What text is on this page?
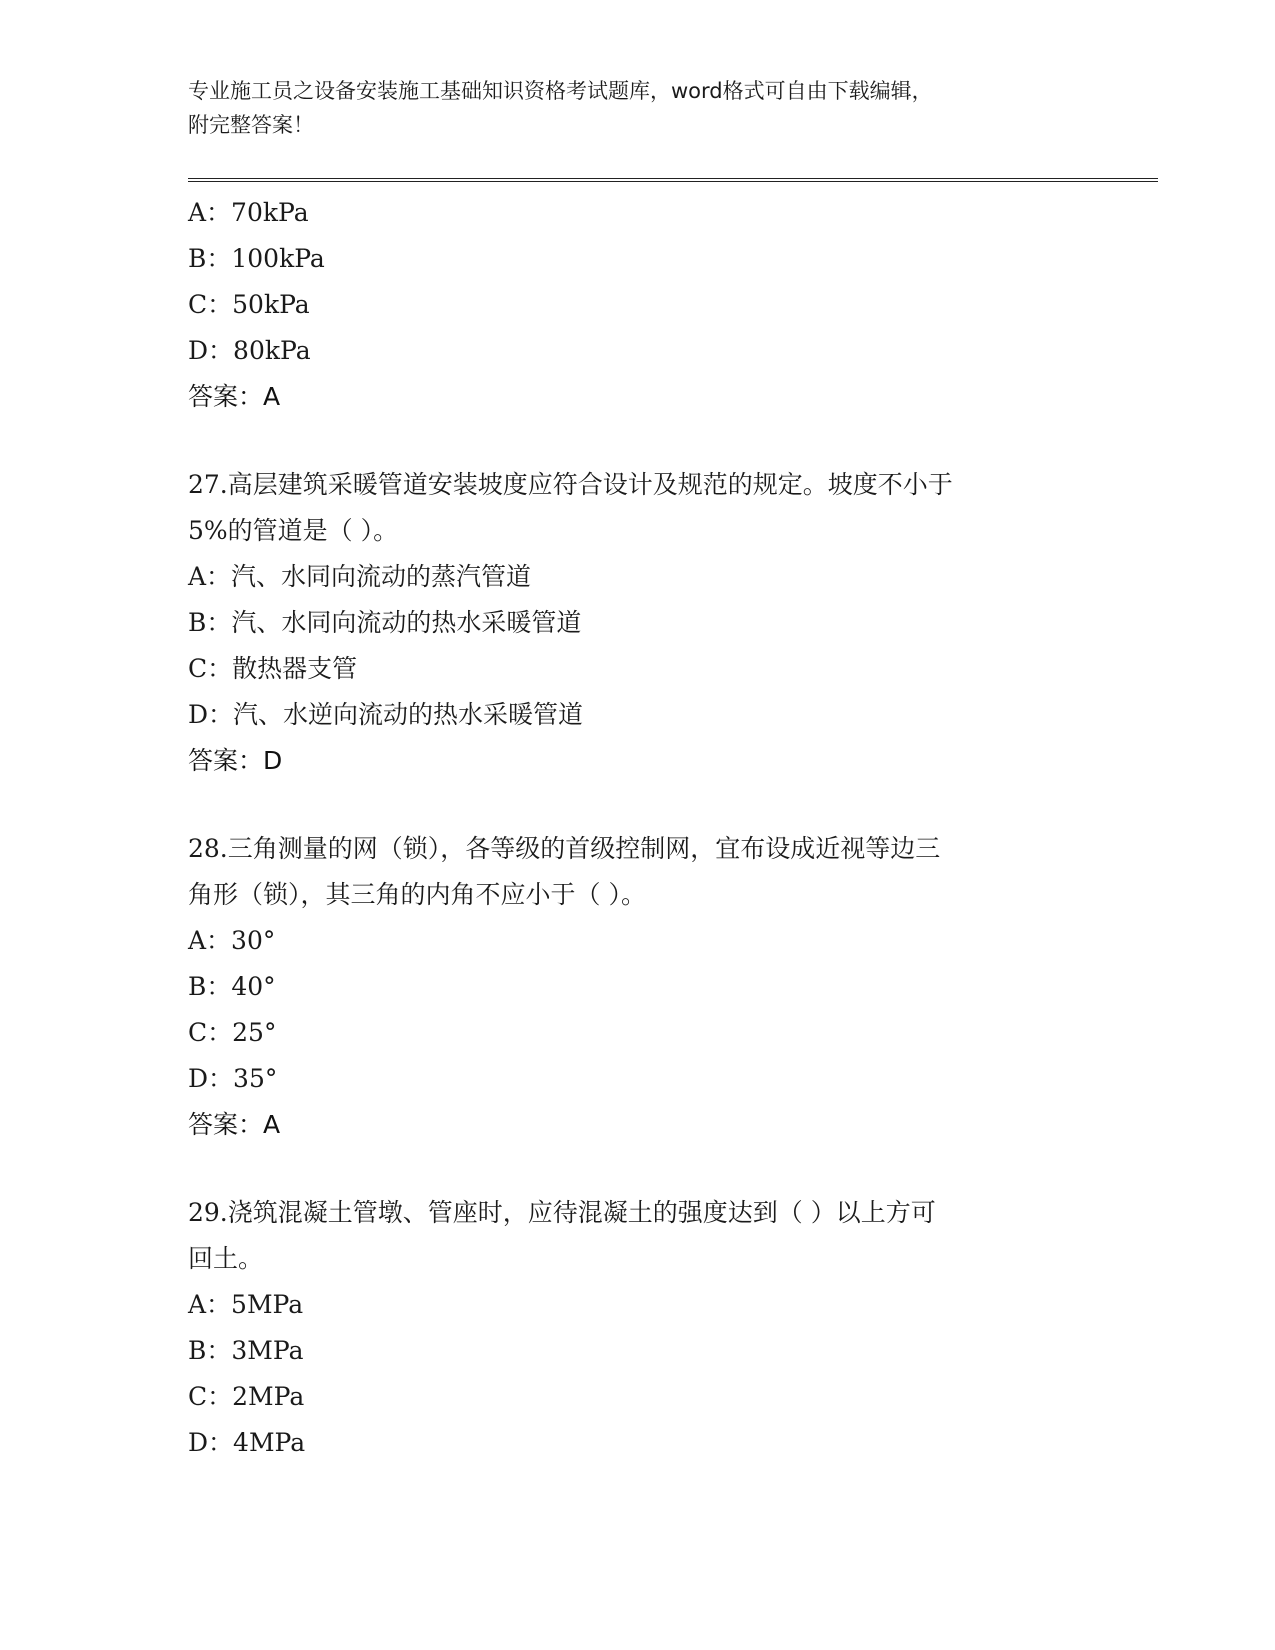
专业施工员之设备安装施工基础知识资格考试题库，word格式可自由下载编辑，
附完整答案！
A：70kPa
B：100kPa
C：50kPa
D：80kPa
答案：A
27.高层建筑采暖管道安装坡度应符合设计及规范的规定。坡度不小于
5%的管道是（ ）。
A：汽、水同向流动的蒸汽管道
B：汽、水同向流动的热水采暖管道
C：散热器支管
D：汽、水逆向流动的热水采暖管道
答案：D
28.三角测量的网（锁），各等级的首级控制网，宜布设成近视等边三
角形（锁），其三角的内角不应小于（ ）。
A：30°
B：40°
C：25°
D：35°
答案：A
29.浇筑混凝土管墩、管座时，应待混凝土的强度达到（ ）以上方可
回土。
A：5MPa
B：3MPa
C：2MPa
D：4MPa
